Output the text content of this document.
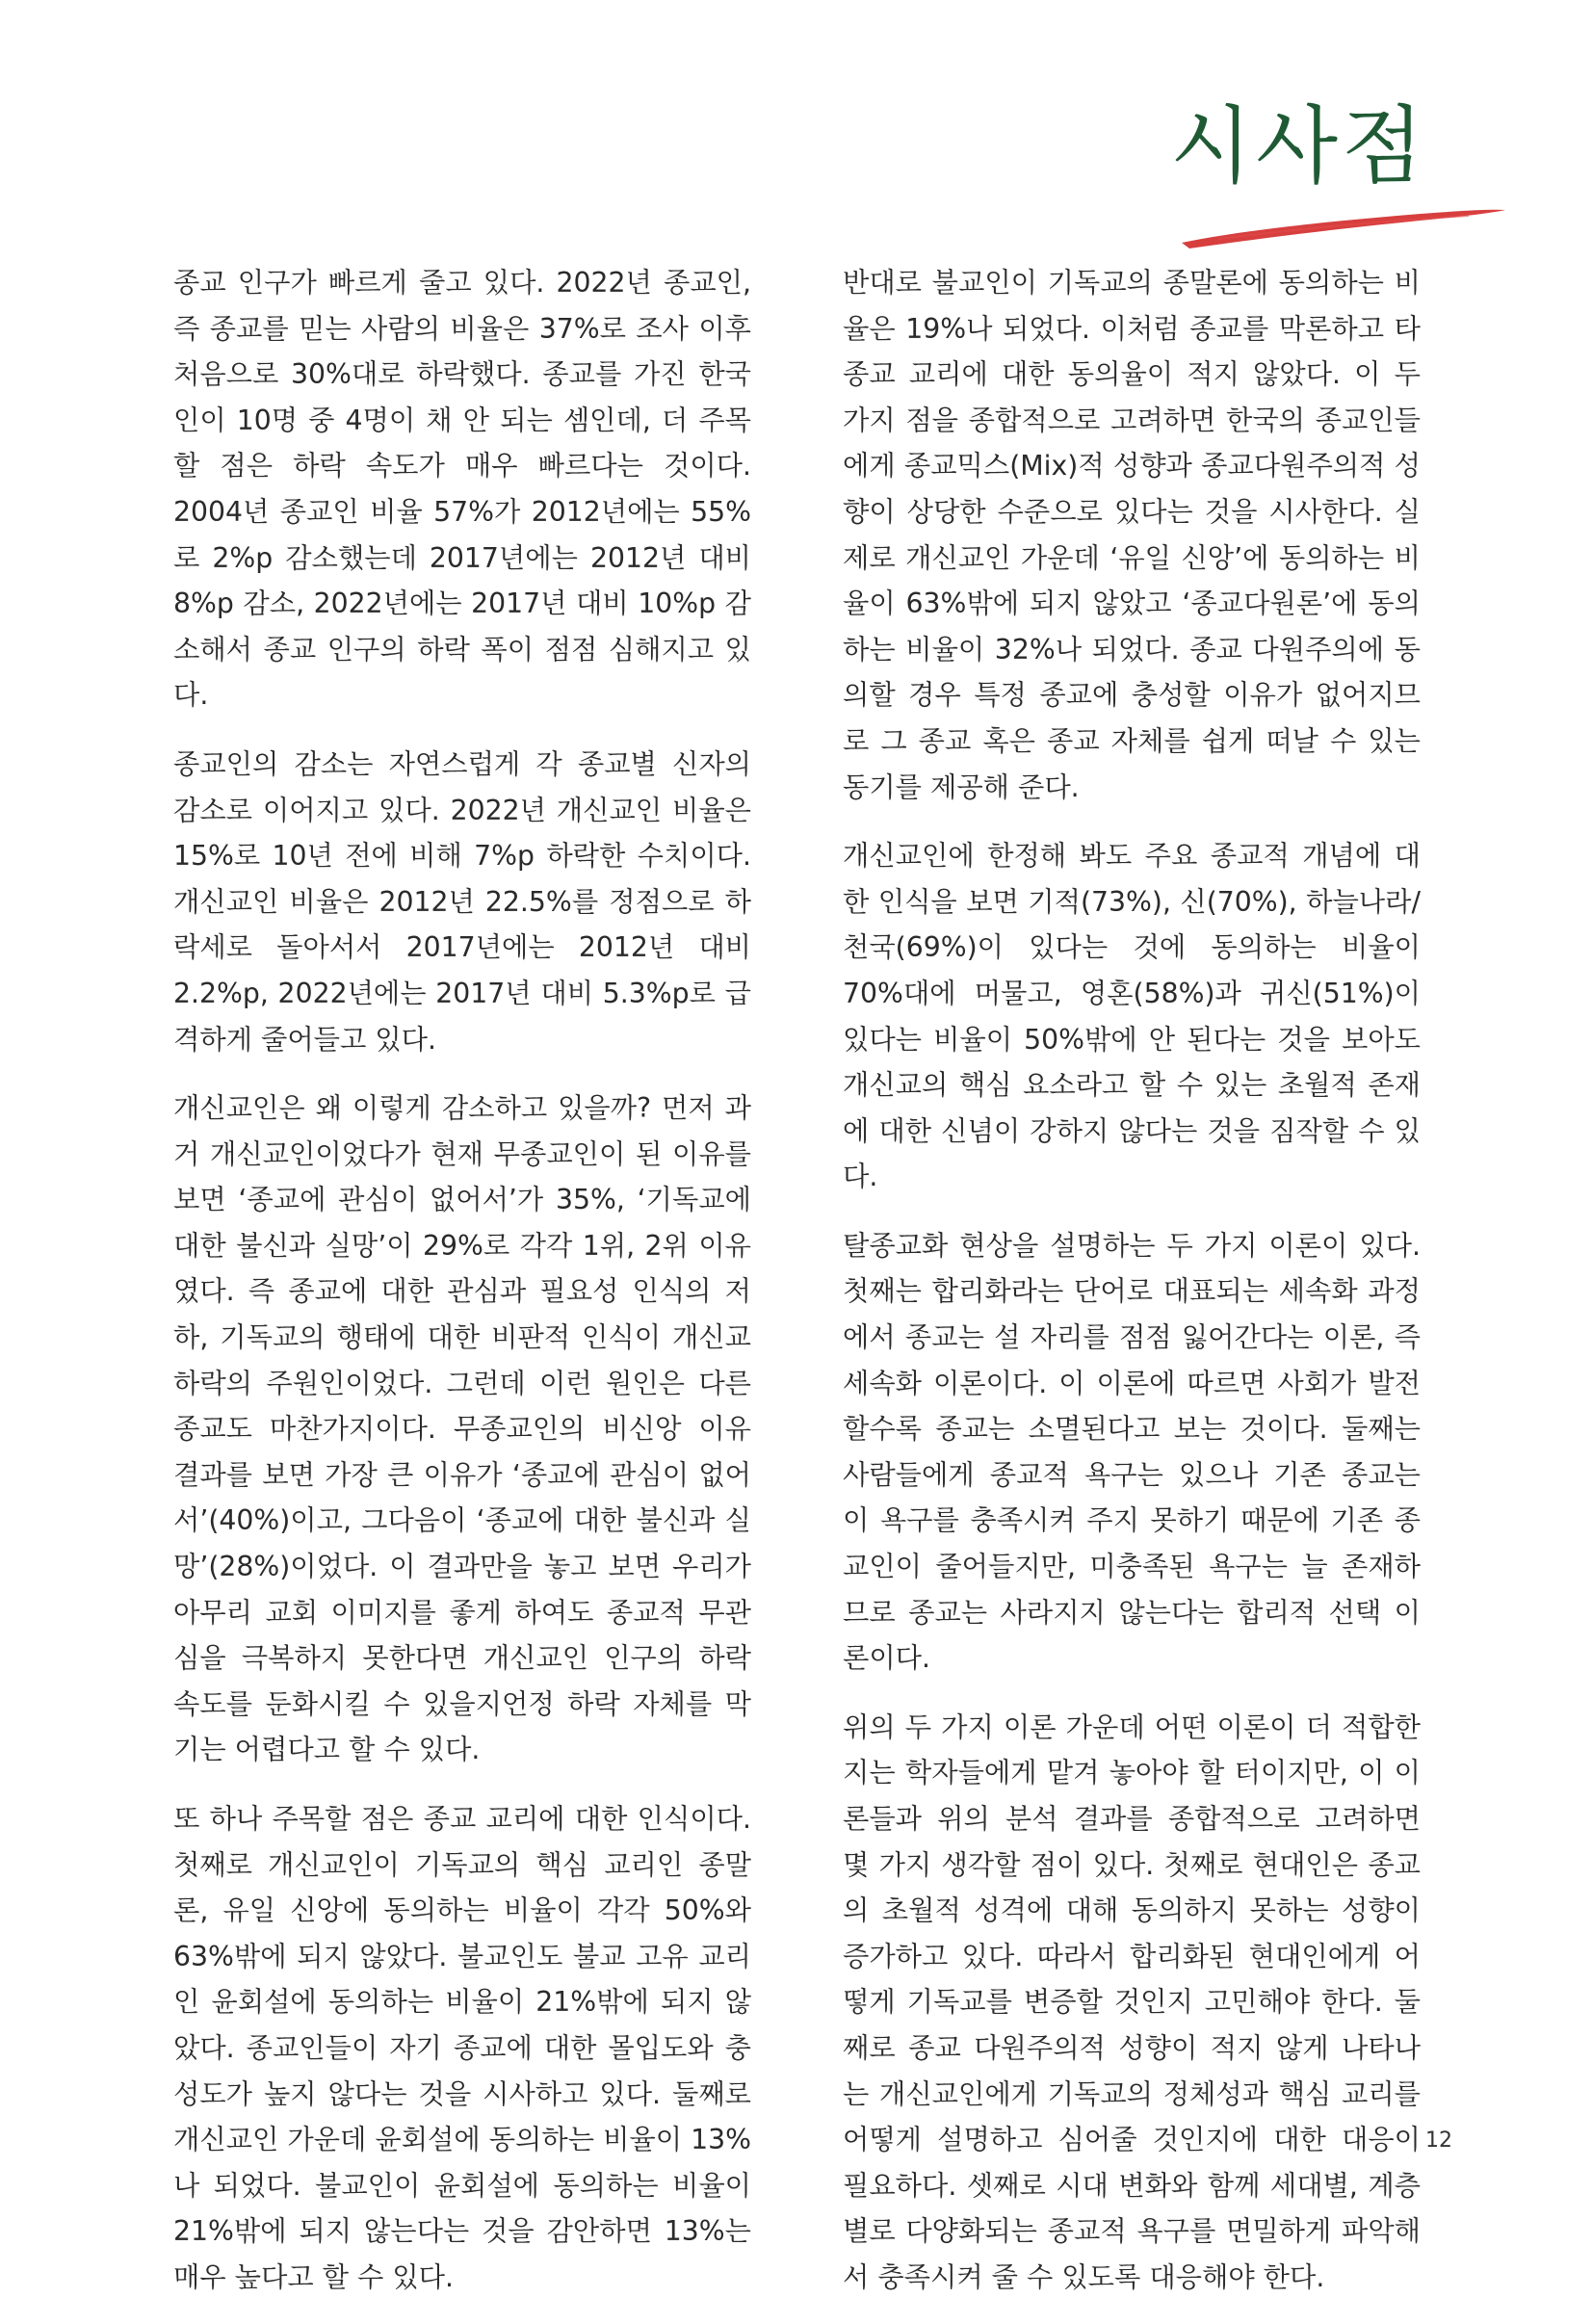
시사점

종교 인구가 빠르게 줄고 있다. 2022년 종교인, 즉 종교를 믿는 사람의 비율은 37%로 조사 이후 처음으로 30%대로 하락했다. 종교를 가진 한국인이 10명 중 4명이 채 안 되는 셈인데, 더 주목할 점은 하락 속도가 매우 빠르다는 것이다. 2004년 종교인 비율 57%가 2012년에는 55%로 2%p 감소했는데 2017년에는 2012년 대비 8%p 감소, 2022년에는 2017년 대비 10%p 감소해서 종교 인구의 하락 폭이 점점 심해지고 있다.

종교인의 감소는 자연스럽게 각 종교별 신자의 감소로 이어지고 있다. 2022년 개신교인 비율은 15%로 10년 전에 비해 7%p 하락한 수치이다. 개신교인 비율은 2012년 22.5%를 정점으로 하락세로 돌아서서 2017년에는 2012년 대비 2.2%p, 2022년에는 2017년 대비 5.3%p로 급격하게 줄어들고 있다.

개신교인은 왜 이렇게 감소하고 있을까? 먼저 과거 개신교인이었다가 현재 무종교인이 된 이유를 보면 ‘종교에 관심이 없어서’가 35%, ‘기독교에 대한 불신과 실망’이 29%로 각각 1위, 2위 이유였다. 즉 종교에 대한 관심과 필요성 인식의 저하, 기독교의 행태에 대한 비판적 인식이 개신교 하락의 주원인이었다. 그런데 이런 원인은 다른 종교도 마찬가지이다. 무종교인의 비신앙 이유 결과를 보면 가장 큰 이유가 ‘종교에 관심이 없어서’(40%)이고, 그다음이 ‘종교에 대한 불신과 실망’(28%)이었다. 이 결과만을 놓고 보면 우리가 아무리 교회 이미지를 좋게 하여도 종교적 무관심을 극복하지 못한다면 개신교인 인구의 하락 속도를 둔화시킬 수 있을지언정 하락 자체를 막기는 어렵다고 할 수 있다.

또 하나 주목할 점은 종교 교리에 대한 인식이다. 첫째로 개신교인이 기독교의 핵심 교리인 종말론, 유일 신앙에 동의하는 비율이 각각 50%와 63%밖에 되지 않았다. 불교인도 불교 고유 교리인 윤회설에 동의하는 비율이 21%밖에 되지 않았다. 종교인들이 자기 종교에 대한 몰입도와 충성도가 높지 않다는 것을 시사하고 있다. 둘째로 개신교인 가운데 윤회설에 동의하는 비율이 13%나 되었다. 불교인이 윤회설에 동의하는 비율이 21%밖에 되지 않는다는 것을 감안하면 13%는 매우 높다고 할 수 있다.

반대로 불교인이 기독교의 종말론에 동의하는 비율은 19%나 되었다. 이처럼 종교를 막론하고 타 종교 교리에 대한 동의율이 적지 않았다. 이 두 가지 점을 종합적으로 고려하면 한국의 종교인들에게 종교믹스(Mix)적 성향과 종교다원주의적 성향이 상당한 수준으로 있다는 것을 시사한다. 실제로 개신교인 가운데 ‘유일 신앙’에 동의하는 비율이 63%밖에 되지 않았고 ‘종교다원론’에 동의하는 비율이 32%나 되었다. 종교 다원주의에 동의할 경우 특정 종교에 충성할 이유가 없어지므로 그 종교 혹은 종교 자체를 쉽게 떠날 수 있는 동기를 제공해 준다.

개신교인에 한정해 봐도 주요 종교적 개념에 대한 인식을 보면 기적(73%), 신(70%), 하늘나라/천국(69%)이 있다는 것에 동의하는 비율이 70%대에 머물고, 영혼(58%)과 귀신(51%)이 있다는 비율이 50%밖에 안 된다는 것을 보아도 개신교의 핵심 요소라고 할 수 있는 초월적 존재에 대한 신념이 강하지 않다는 것을 짐작할 수 있다.

탈종교화 현상을 설명하는 두 가지 이론이 있다. 첫째는 합리화라는 단어로 대표되는 세속화 과정에서 종교는 설 자리를 점점 잃어간다는 이론, 즉 세속화 이론이다. 이 이론에 따르면 사회가 발전할수록 종교는 소멸된다고 보는 것이다. 둘째는 사람들에게 종교적 욕구는 있으나 기존 종교는 이 욕구를 충족시켜 주지 못하기 때문에 기존 종교인이 줄어들지만, 미충족된 욕구는 늘 존재하므로 종교는 사라지지 않는다는 합리적 선택 이론이다.

위의 두 가지 이론 가운데 어떤 이론이 더 적합한지는 학자들에게 맡겨 놓아야 할 터이지만, 이 이론들과 위의 분석 결과를 종합적으로 고려하면 몇 가지 생각할 점이 있다. 첫째로 현대인은 종교의 초월적 성격에 대해 동의하지 못하는 성향이 증가하고 있다. 따라서 합리화된 현대인에게 어떻게 기독교를 변증할 것인지 고민해야 한다. 둘째로 종교 다원주의적 성향이 적지 않게 나타나는 개신교인에게 기독교의 정체성과 핵심 교리를 어떻게 설명하고 심어줄 것인지에 대한 대응이 필요하다. 셋째로 시대 변화와 함께 세대별, 계층별로 다양화되는 종교적 욕구를 면밀하게 파악해서 충족시켜 줄 수 있도록 대응해야 한다.

12
